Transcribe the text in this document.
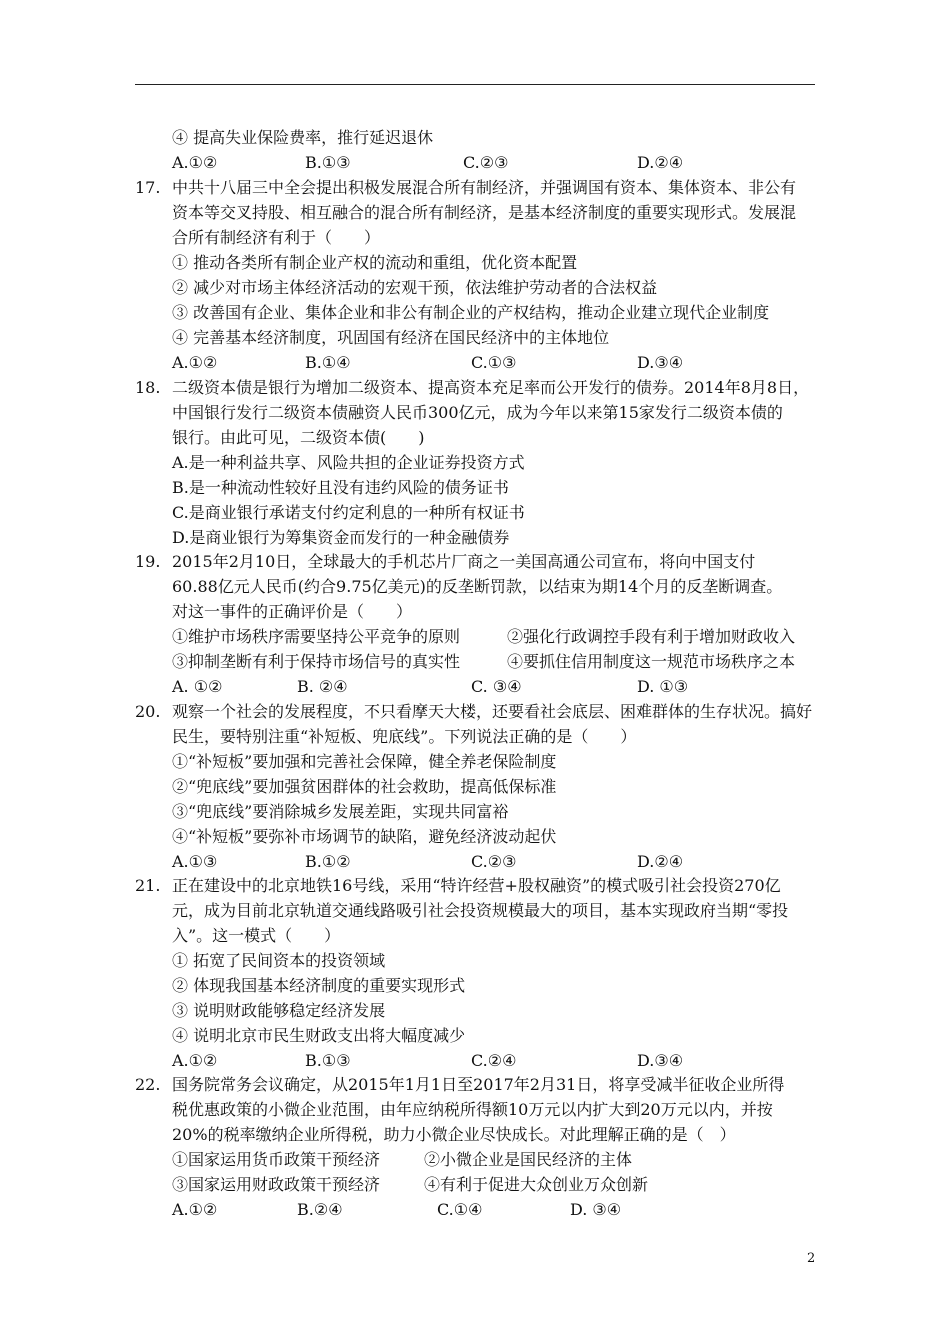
④ 提高失业保险费率，推行延迟退休
A.①②	B.①③	C.②③	D.②④
17. 中共十八届三中全会提出积极发展混合所有制经济，并强调国有资本、集体资本、非公有
资本等交叉持股、相互融合的混合所有制经济，是基本经济制度的重要实现形式。发展混
合所有制经济有利于（　　）
① 推动各类所有制企业产权的流动和重组，优化资本配置
② 减少对市场主体经济活动的宏观干预，依法维护劳动者的合法权益
③ 改善国有企业、集体企业和非公有制企业的产权结构，推动企业建立现代企业制度
④ 完善基本经济制度，巩固国有经济在国民经济中的主体地位
A.①②	B.①④	C.①③	D.③④
18. 二级资本债是银行为增加二级资本、提高资本充足率而公开发行的债券。2014年8月8日，
中国银行发行二级资本债融资人民币300亿元，成为今年以来第15家发行二级资本债的
银行。由此可见，二级资本债(　　)
A.是一种利益共享、风险共担的企业证券投资方式
B.是一种流动性较好且没有违约风险的债务证书
C.是商业银行承诺支付约定利息的一种所有权证书
D.是商业银行为筹集资金而发行的一种金融债券
19. 2015年2月10日，全球最大的手机芯片厂商之一美国高通公司宣布，将向中国支付
60.88亿元人民币(约合9.75亿美元)的反垄断罚款，以结束为期14个月的反垄断调查。
对这一事件的正确评价是（　　）
①维护市场秩序需要坚持公平竞争的原则	②强化行政调控手段有利于增加财政收入
③抑制垄断有利于保持市场信号的真实性	④要抓住信用制度这一规范市场秩序之本
A. ①②	B. ②④	C. ③④	D. ①③
20. 观察一个社会的发展程度，不只看摩天大楼，还要看社会底层、困难群体的生存状况。搞好
民生，要特别注重“补短板、兜底线”。下列说法正确的是（　　）
①“补短板”要加强和完善社会保障，健全养老保险制度
②“兜底线”要加强贫困群体的社会救助，提高低保标准
③“兜底线”要消除城乡发展差距，实现共同富裕
④“补短板”要弥补市场调节的缺陷，避免经济波动起伏
A.①③	B.①②	C.②③	D.②④
21. 正在建设中的北京地铁16号线，采用“特许经营+股权融资”的模式吸引社会投资270亿
元，成为目前北京轨道交通线路吸引社会投资规模最大的项目，基本实现政府当期“零投
入”。这一模式（　　）
① 拓宽了民间资本的投资领域
② 体现我国基本经济制度的重要实现形式
③ 说明财政能够稳定经济发展
④ 说明北京市民生财政支出将大幅度减少
A.①②	B.①③	C.②④	D.③④
22. 国务院常务会议确定，从2015年1月1日至2017年2月31日，将享受减半征收企业所得
税优惠政策的小微企业范围，由年应纳税所得额10万元以内扩大到20万元以内，并按
20%的税率缴纳企业所得税，助力小微企业尽快成长。对此理解正确的是（　）
①国家运用货币政策干预经济	②小微企业是国民经济的主体
③国家运用财政政策干预经济	④有利于促进大众创业万众创新
A.①②	B.②④	C.①④	D. ③④
2
